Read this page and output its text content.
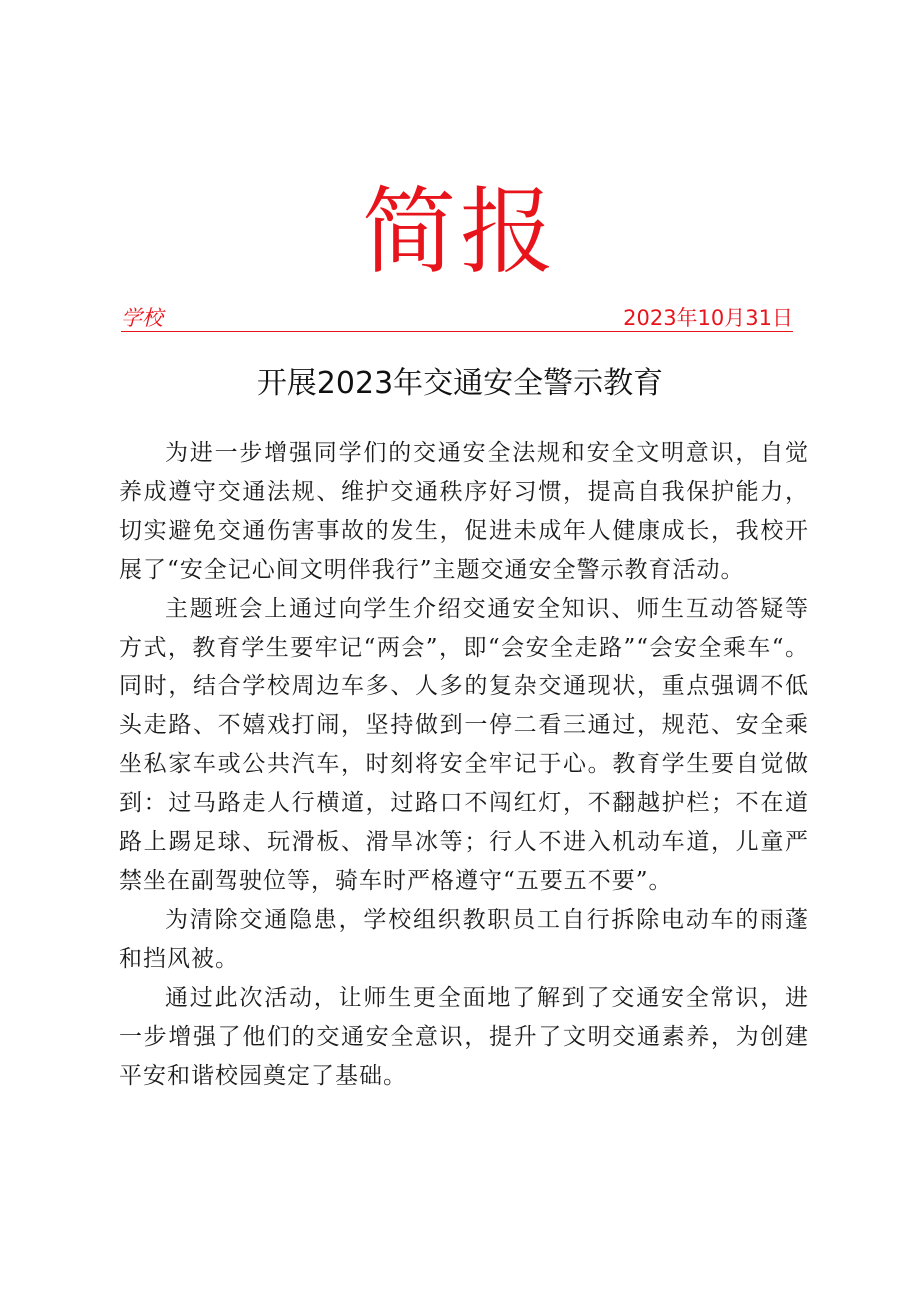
简报
学校	2023年10月31日
开展2023年交通安全警示教育

为进一步增强同学们的交通安全法规和安全文明意识，自觉养成遵守交通法规、维护交通秩序好习惯，提高自我保护能力，切实避免交通伤害事故的发生，促进未成年人健康成长，我校开展了“安全记心间文明伴我行”主题交通安全警示教育活动。

主题班会上通过向学生介绍交通安全知识、师生互动答疑等方式，教育学生要牢记“两会”，即“会安全走路”“会安全乘车“。同时，结合学校周边车多、人多的复杂交通现状，重点强调不低头走路、不嬉戏打闹，坚持做到一停二看三通过，规范、安全乘坐私家车或公共汽车，时刻将安全牢记于心。教育学生要自觉做到：过马路走人行横道，过路口不闯红灯，不翻越护栏；不在道路上踢足球、玩滑板、滑旱冰等；行人不进入机动车道，儿童严禁坐在副驾驶位等，骑车时严格遵守“五要五不要”。

为清除交通隐患，学校组织教职员工自行拆除电动车的雨蓬和挡风被。

通过此次活动，让师生更全面地了解到了交通安全常识，进一步增强了他们的交通安全意识，提升了文明交通素养，为创建平安和谐校园奠定了基础。
